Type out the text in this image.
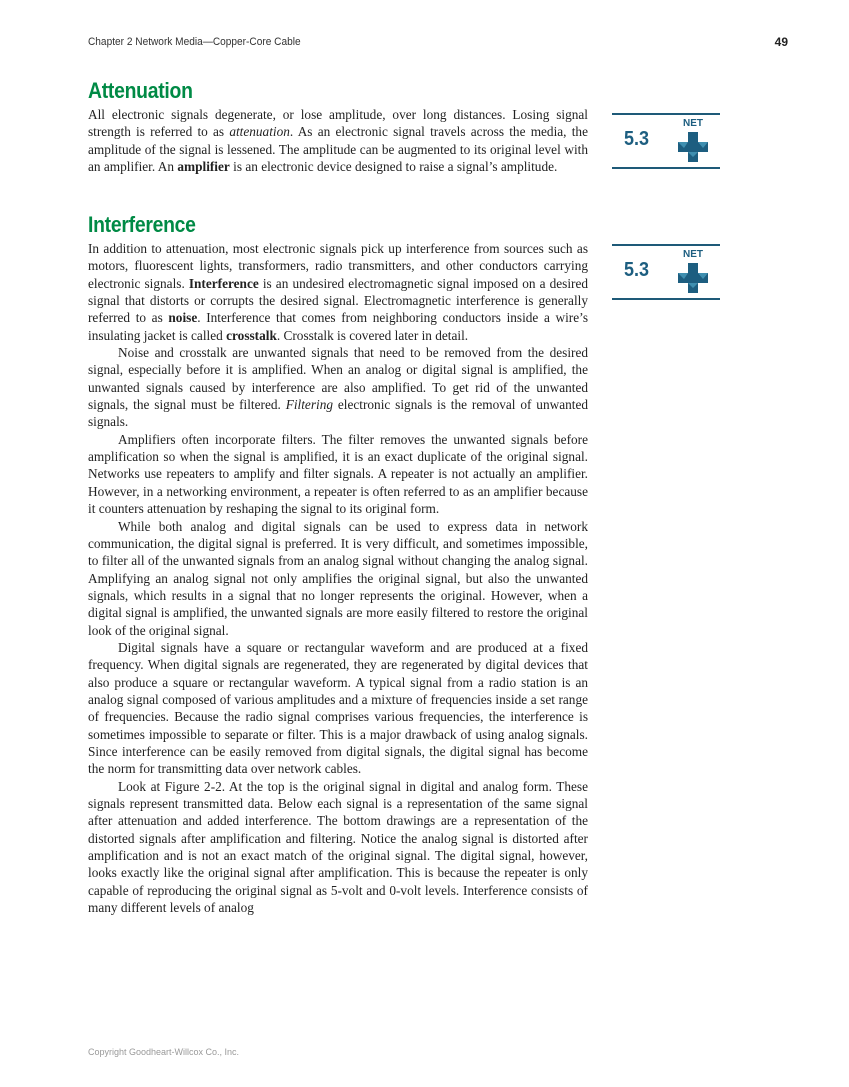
Chapter 2 Network Media—Copper-Core Cable	49
Attenuation

All electronic signals degenerate, or lose amplitude, over long distances. Losing signal strength is referred to as attenuation. As an electronic signal travels across the media, the amplitude of the signal is lessened. The amplitude can be augmented to its original level with an amplifier. An amplifier is an electronic device designed to raise a signal’s amplitude.

Interference

In addition to attenuation, most electronic signals pick up interference from sources such as motors, fluorescent lights, transformers, radio transmitters, and other conductors carrying electronic signals. Interference is an undesired electromagnetic signal imposed on a desired signal that distorts or corrupts the desired signal. Electromagnetic interference is generally referred to as noise. Interference that comes from neighboring conductors inside a wire’s insulating jacket is called crosstalk. Crosstalk is covered later in detail.

Noise and crosstalk are unwanted signals that need to be removed from the desired signal, especially before it is amplified. When an analog or digital signal is amplified, the unwanted signals caused by interference are also amplified. To get rid of the unwanted signals, the signal must be filtered. Filtering electronic signals is the removal of unwanted signals.

Amplifiers often incorporate filters. The filter removes the unwanted signals before amplification so when the signal is amplified, it is an exact duplicate of the original signal. Networks use repeaters to amplify and filter signals. A repeater is not actually an amplifier. However, in a networking environment, a repeater is often referred to as an amplifier because it counters attenuation by reshaping the signal to its original form.

While both analog and digital signals can be used to express data in network communication, the digital signal is preferred. It is very difficult, and sometimes impossible, to filter all of the unwanted signals from an analog signal without changing the analog signal. Amplifying an analog signal not only amplifies the original signal, but also the unwanted signals, which results in a signal that no longer represents the original. However, when a digital signal is amplified, the unwanted signals are more easily filtered to restore the original look of the original signal.

Digital signals have a square or rectangular waveform and are produced at a fixed frequency. When digital signals are regenerated, they are regenerated by digital devices that also produce a square or rectangular waveform. A typical signal from a radio station is an analog signal composed of various amplitudes and a mixture of frequencies inside a set range of frequencies. Because the radio signal comprises various frequencies, the interference is sometimes impossible to separate or filter. This is a major drawback of using analog signals. Since interference can be easily removed from digital signals, the digital signal has become the norm for transmitting data over network cables.

Look at Figure 2-2. At the top is the original signal in digital and analog form. These signals represent transmitted data. Below each signal is a representation of the same signal after attenuation and added interference. The bottom drawings are a representation of the distorted signals after amplification and filtering. Notice the analog signal is distorted after amplification and is not an exact match of the original signal. The digital signal, however, looks exactly like the original signal after amplification. This is because the repeater is only capable of reproducing the original signal as 5-volt and 0-volt levels. Interference consists of many different levels of analog

5.3
NET
5.3
NET
Copyright Goodheart-Willcox Co., Inc.
